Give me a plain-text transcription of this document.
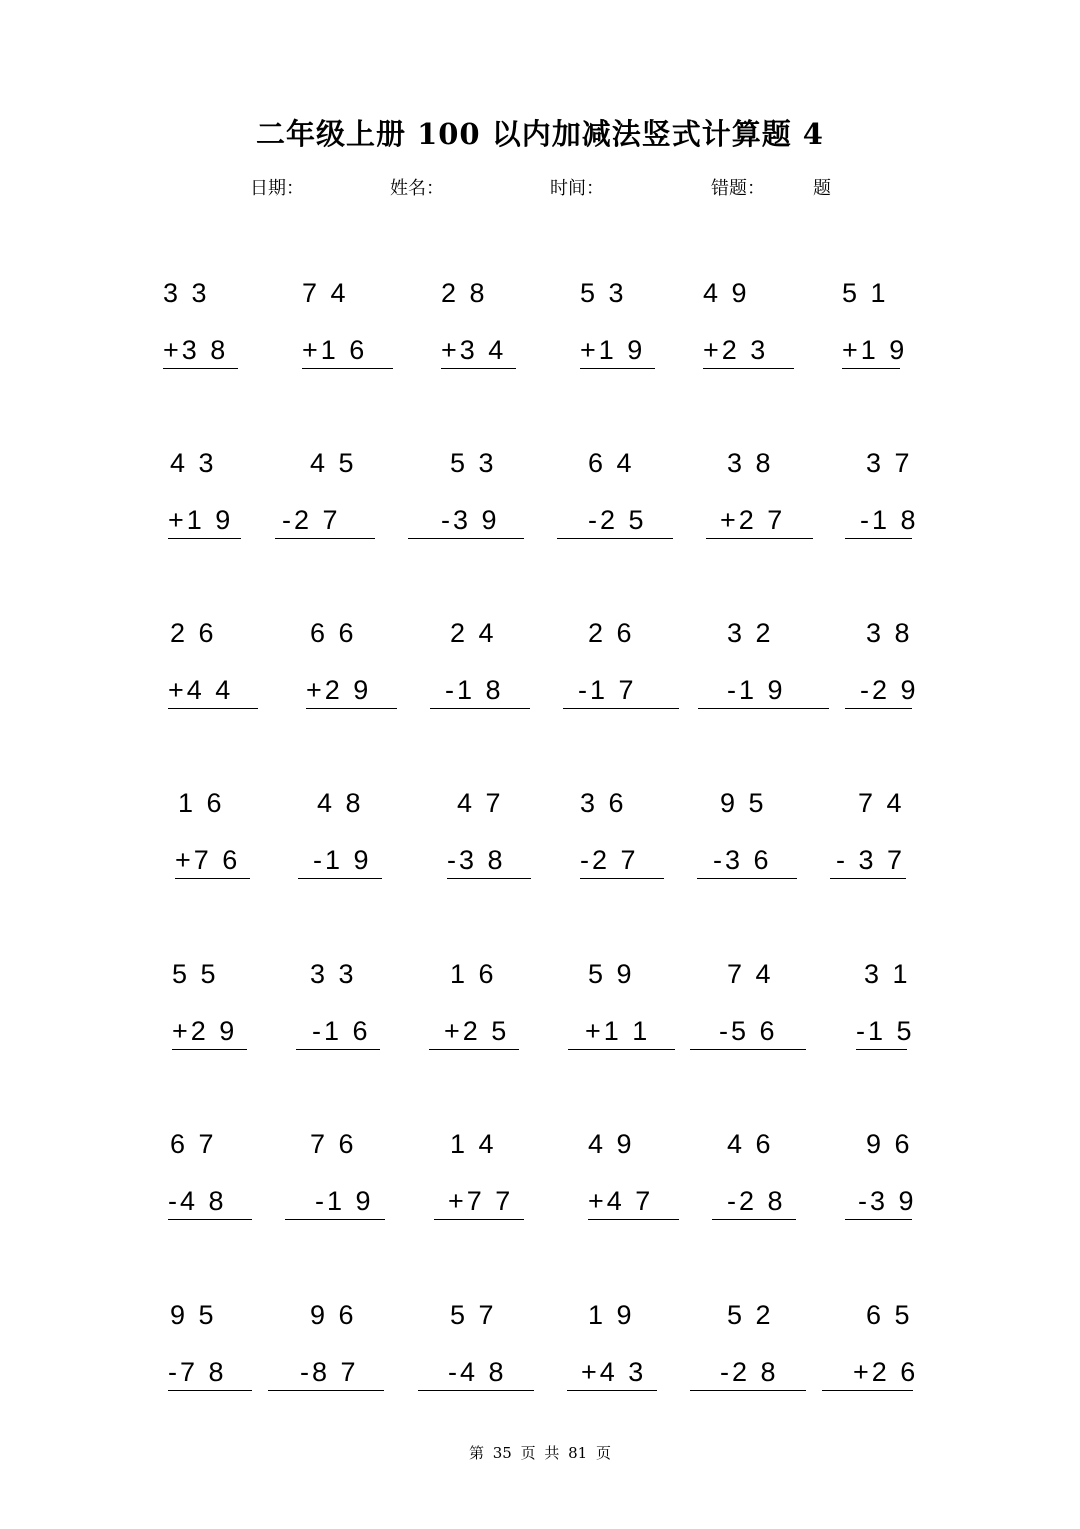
二年级上册 100 以内加减法竖式计算题 4
日期：	姓名：	时间：	错题：	题
3 3
+3 8
7 4
+1 6
2 8
+3 4
5 3
+1 9
4 9
+2 3
5 1
+1 9
4 3
+1 9
4 5
-2 7
5 3
-3 9
6 4
-2 5
3 8
+2 7
3 7
-1 8
2 6
+4 4
6 6
+2 9
2 4
-1 8
2 6
-1 7
3 2
-1 9
3 8
-2 9
1 6
+7 6
4 8
-1 9
4 7
-3 8
3 6
-2 7
9 5
-3 6
7 4
- 3 7
5 5
+2 9
3 3
-1 6
1 6
+2 5
5 9
+1 1
7 4
-5 6
3 1
-1 5
6 7
-4 8
7 6
-1 9
1 4
+7 7
4 9
+4 7
4 6
-2 8
9 6
-3 9
9 5
-7 8
9 6
-8 7
5 7
-4 8
1 9
+4 3
5 2
-2 8
6 5
+2 6
第 35 页 共 81 页
